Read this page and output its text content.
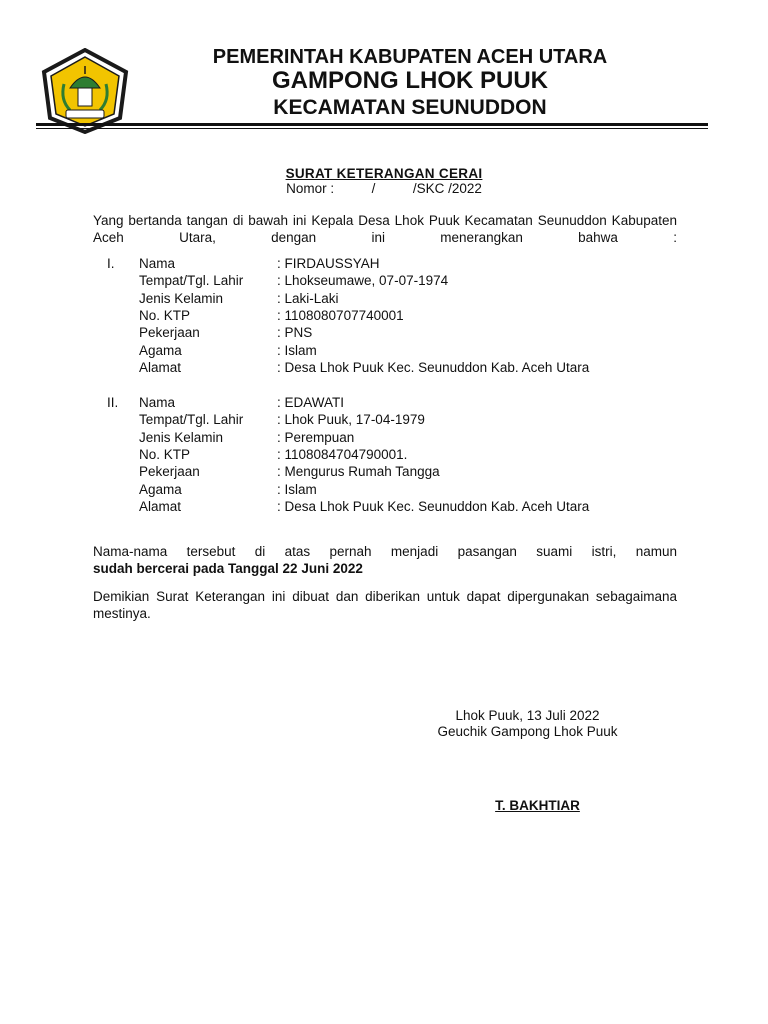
PEMERINTAH KABUPATEN ACEH UTARA
GAMPONG LHOK PUUK
KECAMATAN SEUNUDDON
SURAT KETERANGAN CERAI
Nomor :          /          /SKC /2022
Yang bertanda tangan di bawah ini Kepala Desa Lhok Puuk Kecamatan Seunuddon Kabupaten Aceh Utara, dengan ini menerangkan bahwa :
I. Nama	: FIRDAUSSYAH
Tempat/Tgl. Lahir : Lhokseumawe, 07-07-1974
Jenis Kelamin	: Laki-Laki
No. KTP	: 1108080707740001
Pekerjaan	: PNS
Agama	: Islam
Alamat	: Desa Lhok Puuk Kec. Seunuddon Kab. Aceh Utara
II. Nama	: EDAWATI
Tempat/Tgl. Lahir : Lhok Puuk, 17-04-1979
Jenis Kelamin	: Perempuan
No. KTP	: 1108084704790001.
Pekerjaan	: Mengurus Rumah Tangga
Agama	: Islam
Alamat	: Desa Lhok Puuk Kec. Seunuddon Kab. Aceh Utara
Nama-nama tersebut di atas pernah menjadi pasangan suami istri, namun
sudah bercerai pada Tanggal 22 Juni 2022
Demikian Surat Keterangan ini dibuat dan diberikan untuk dapat dipergunakan sebagaimana mestinya.
Lhok Puuk, 13 Juli 2022
Geuchik Gampong Lhok Puuk
T. BAKHTIAR
